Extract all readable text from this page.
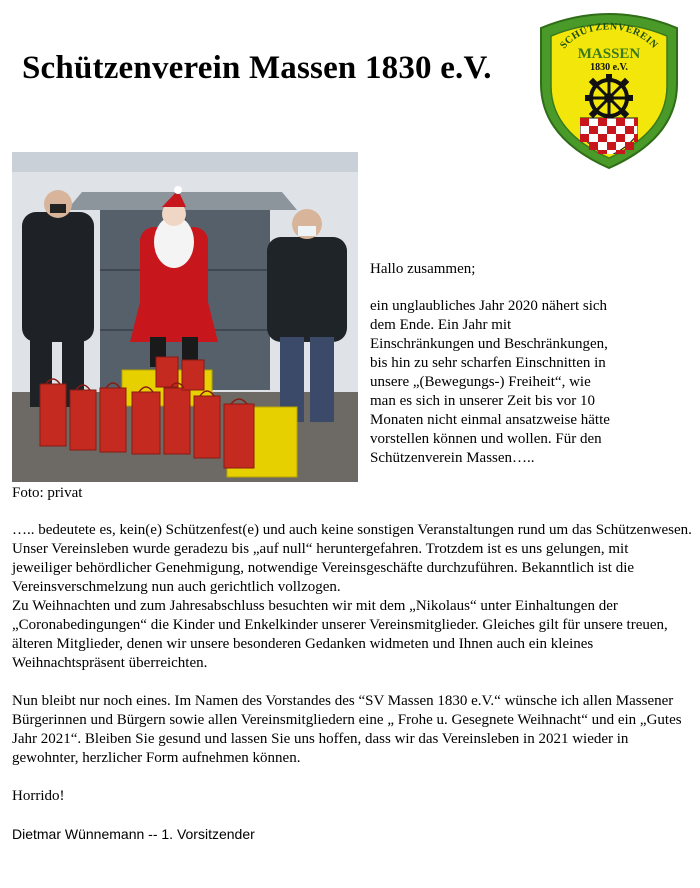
Schützenverein Massen 1830 e.V.
SCHÜTZENVEREIN
MASSEN
1830 e.V.
Foto: privat

Hallo zusammen;

ein unglaubliches Jahr 2020 nähert sich dem Ende. Ein Jahr mit Einschränkungen und Beschränkungen, bis hin zu sehr scharfen Einschnitten in unsere „(Bewegungs-) Freiheit“, wie man es sich in unserer Zeit bis vor 10 Monaten nicht einmal ansatzweise hätte vorstellen können und wollen. Für den Schützenverein Massen…..

….. bedeutete es, kein(e) Schützenfest(e) und auch keine sonstigen Veranstaltungen rund um das Schützenwesen. Unser Vereinsleben wurde geradezu bis „auf null“ heruntergefahren. Trotzdem ist es uns gelungen, mit jeweiliger behördlicher Genehmigung, notwendige Vereinsgeschäfte durchzuführen. Bekanntlich ist die Vereinsverschmelzung nun auch gerichtlich vollzogen.

Zu Weihnachten und zum Jahresabschluss besuchten wir mit dem „Nikolaus“ unter Einhaltungen der „Coronabedingungen“ die Kinder und Enkelkinder unserer Vereinsmitglieder. Gleiches gilt für unsere treuen, älteren Mitglieder, denen wir unsere besonderen Gedanken widmeten und Ihnen auch ein kleines Weihnachtspräsent überreichten.

Nun bleibt nur noch eines. Im Namen des Vorstandes des “SV Massen 1830 e.V.“ wünsche ich allen Massener Bürgerinnen und Bürgern sowie allen Vereinsmitgliedern eine „ Frohe u. Gesegnete Weihnacht“ und ein „Gutes Jahr 2021“. Bleiben Sie gesund und lassen Sie uns hoffen, dass wir das Vereinsleben in 2021 wieder in gewohnter, herzlicher Form aufnehmen können.

Horrido!

Dietmar Wünnemann -- 1. Vorsitzender
